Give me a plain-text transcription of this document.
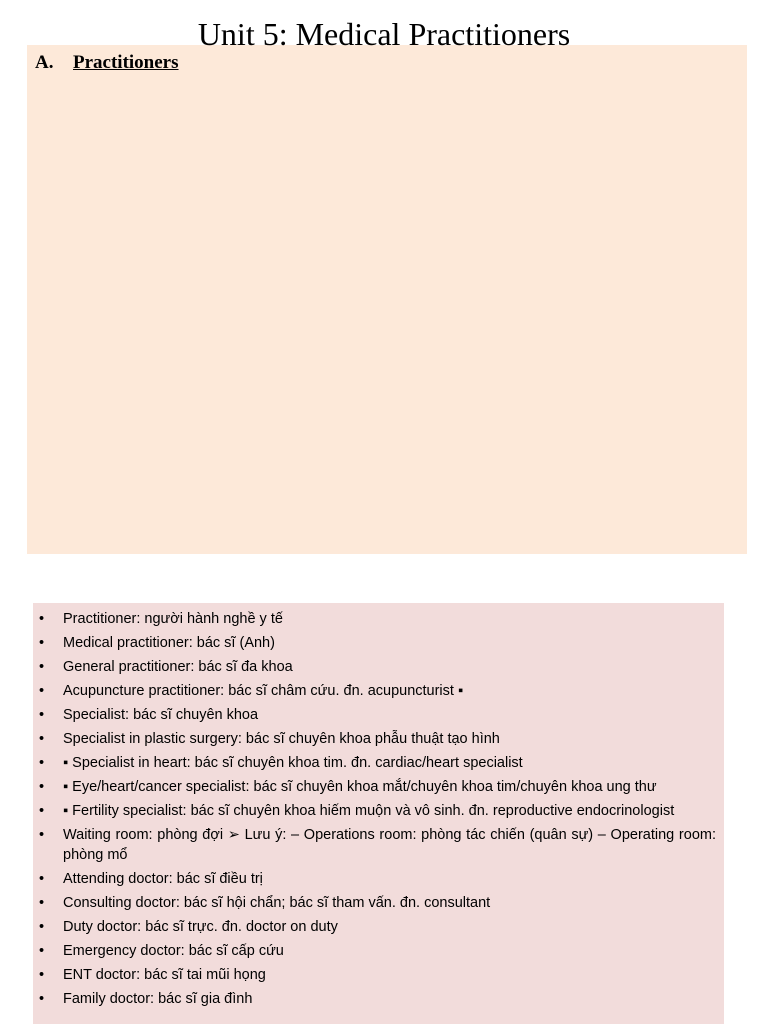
Unit 5: Medical Practitioners
A. Practitioners
• Practitioner: người hành nghề y tế
• Medical practitioner: bác sĩ (Anh)
• General practitioner: bác sĩ đa khoa
• Acupuncture practitioner: bác sĩ châm cứu. đn. acupuncturist ▪
• Specialist: bác sĩ chuyên khoa
• Specialist in plastic surgery: bác sĩ chuyên khoa phẫu thuật tạo hình
• ▪ Specialist in heart: bác sĩ chuyên khoa tim. đn. cardiac/heart specialist
• ▪ Eye/heart/cancer specialist: bác sĩ chuyên khoa mắt/chuyên khoa tim/chuyên khoa ung thư
• ▪ Fertility specialist: bác sĩ chuyên khoa hiếm muộn và vô sinh. đn. reproductive endocrinologist
• Waiting room: phòng đợi ➢ Lưu ý: – Operations room: phòng tác chiến (quân sự) – Operating room: phòng mổ
• Attending doctor: bác sĩ điều trị
• Consulting doctor: bác sĩ hội chẩn; bác sĩ tham vấn. đn. consultant
• Duty doctor: bác sĩ trực. đn. doctor on duty
• Emergency doctor: bác sĩ cấp cứu
• ENT doctor: bác sĩ tai mũi họng
• Family doctor: bác sĩ gia đình
